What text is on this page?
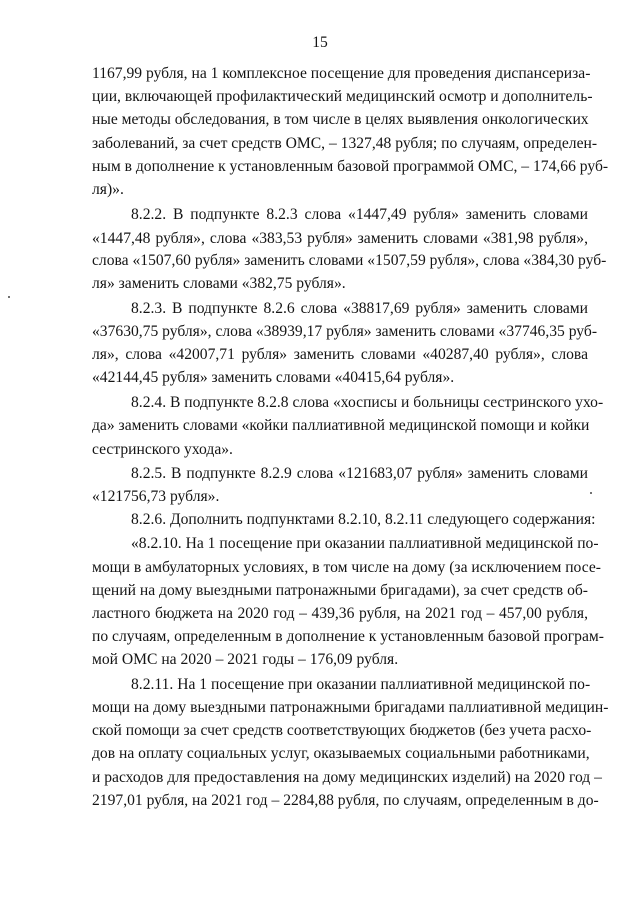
15
1167,99 рубля, на 1 комплексное посещение для проведения диспансериза-
ции, включающей профилактический медицинский осмотр и дополнитель-
ные методы обследования, в том числе в целях выявления онкологических
заболеваний, за счет средств ОМС, – 1327,48 рубля; по случаям, определен-
ным в дополнение к установленным базовой программой ОМС, – 174,66 руб-
ля)».
8.2.2. В подпункте 8.2.3 слова «1447,49 рубля» заменить словами
«1447,48 рубля», слова «383,53 рубля» заменить словами «381,98 рубля»,
слова «1507,60 рубля» заменить словами «1507,59 рубля», слова «384,30 руб-
ля» заменить словами «382,75 рубля».
8.2.3. В подпункте 8.2.6 слова «38817,69 рубля» заменить словами
«37630,75 рубля», слова «38939,17 рубля» заменить словами «37746,35 руб-
ля», слова «42007,71 рубля» заменить словами «40287,40 рубля», слова
«42144,45 рубля» заменить словами «40415,64 рубля».
8.2.4. В подпункте 8.2.8 слова «хосписы и больницы сестринского ухо-
да» заменить словами «койки паллиативной медицинской помощи и койки
сестринского ухода».
8.2.5. В подпункте 8.2.9 слова «121683,07 рубля» заменить словами
«121756,73 рубля».
8.2.6. Дополнить подпунктами 8.2.10, 8.2.11 следующего содержания:
«8.2.10. На 1 посещение при оказании паллиативной медицинской по-
мощи в амбулаторных условиях, в том числе на дому (за исключением посе-
щений на дому выездными патронажными бригадами), за счет средств об-
ластного бюджета на 2020 год – 439,36 рубля, на 2021 год – 457,00 рубля,
по случаям, определенным в дополнение к установленным базовой програм-
мой ОМС на 2020 – 2021 годы – 176,09 рубля.
8.2.11. На 1 посещение при оказании паллиативной медицинской по-
мощи на дому выездными патронажными бригадами паллиативной медицин-
ской помощи за счет средств соответствующих бюджетов (без учета расхо-
дов на оплату социальных услуг, оказываемых социальными работниками,
и расходов для предоставления на дому медицинских изделий) на 2020 год –
2197,01 рубля, на 2021 год – 2284,88 рубля, по случаям, определенным в до-
